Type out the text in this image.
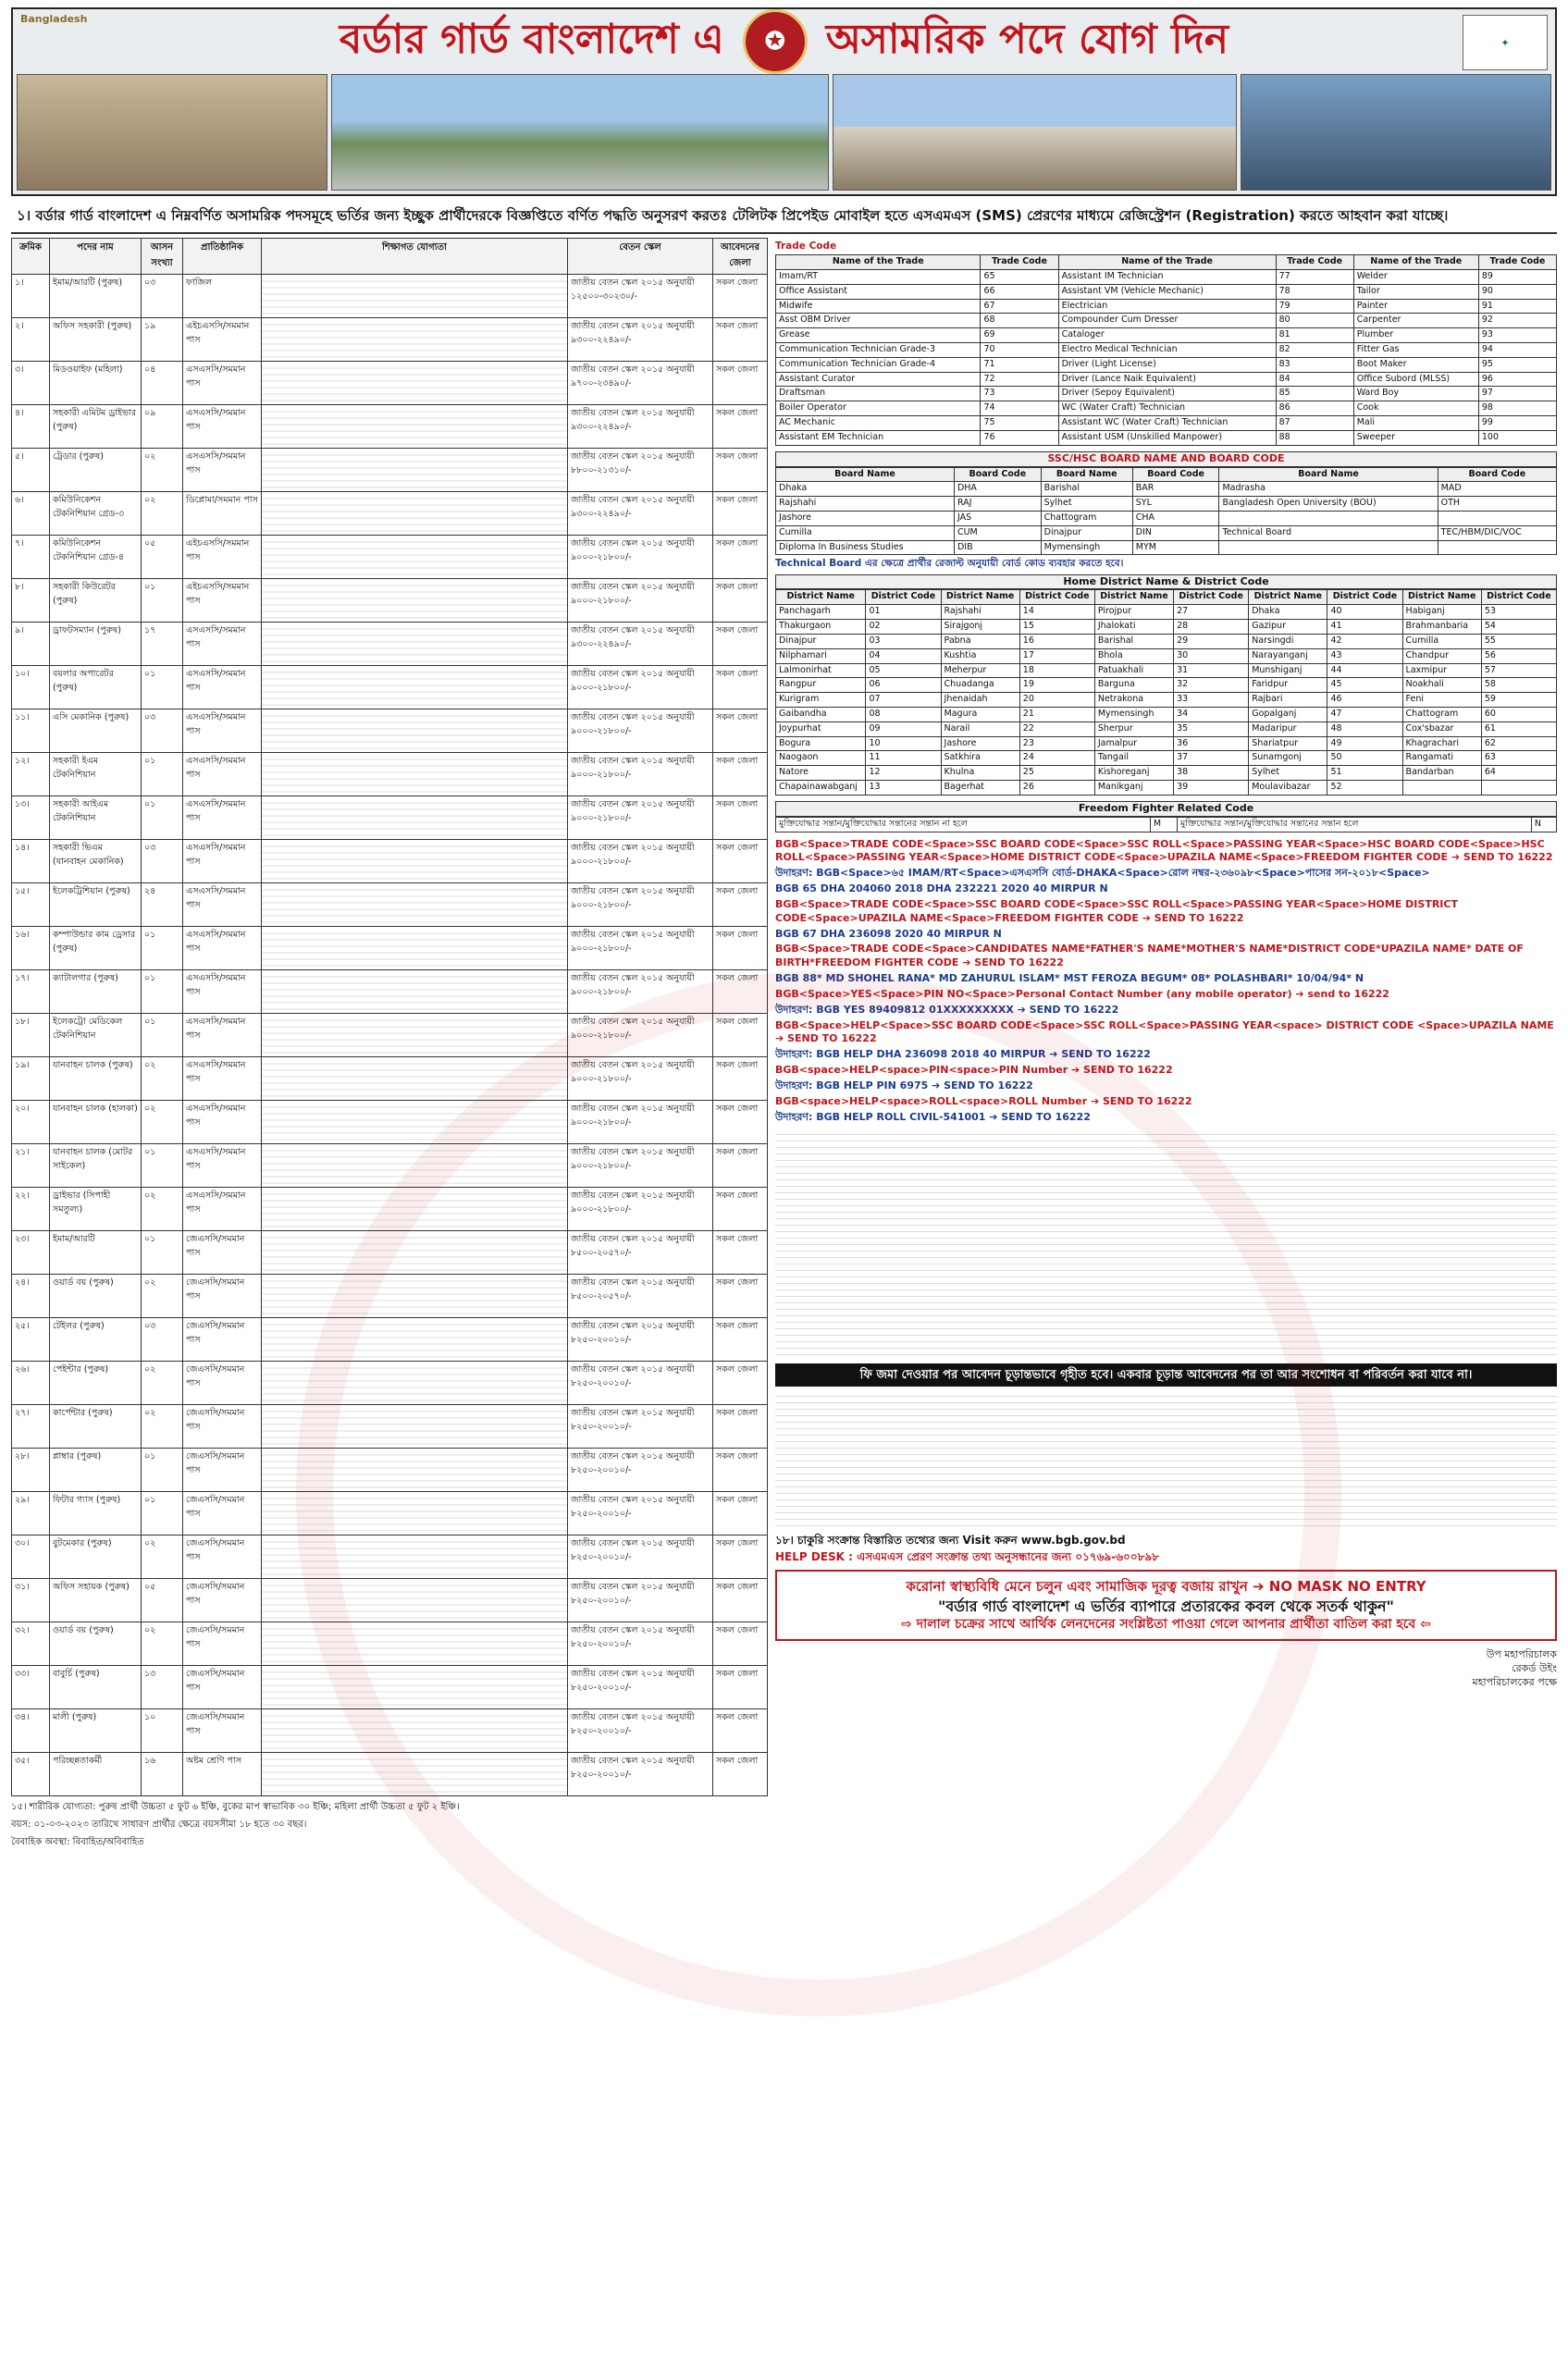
Bangladesh
✦
বর্ডার গার্ড বাংলাদেশ এ	✪	অসামরিক পদে যোগ দিন
১। বর্ডার গার্ড বাংলাদেশ এ নিম্নবর্ণিত অসামরিক পদসমূহে ভর্তির জন্য ইচ্ছুক প্রার্থীদেরকে বিজ্ঞপ্তিতে বর্ণিত পদ্ধতি অনুসরণ করতঃ টেলিটক প্রিপেইড মোবাইল হতে এসএমএস (SMS) প্রেরণের মাধ্যমে রেজিস্ট্রেশন (Registration) করতে আহবান করা যাচ্ছে।
ক্রমিক	পদের নাম	আসন সংখ্যা	প্রাতিষ্ঠানিক	শিক্ষাগত যোগ্যতা	বেতন স্কেল	আবেদনের জেলা
১।	ইমাম/আরটি (পুরুষ)	০৩	ফাজিল		জাতীয় বেতন স্কেল ২০১৫ অনুযায়ী ১২৫০০-৩০২৩০/-	সকল জেলা
২।	অফিস সহকারী (পুরুষ)	১৯	এইচএসসি/সমমান পাস		জাতীয় বেতন স্কেল ২০১৫ অনুযায়ী ৯৩০০-২২৪৯০/-	সকল জেলা
৩।	মিডওয়াইফ (মহিলা)	০৪	এসএসসি/সমমান পাস		জাতীয় বেতন স্কেল ২০১৫ অনুযায়ী ৯৭০০-২৩৪৯০/-	সকল জেলা
৪।	সহকারী এমিটম ড্রাইভার (পুরুষ)	০৯	এসএসসি/সমমান পাস		জাতীয় বেতন স্কেল ২০১৫ অনুযায়ী ৯৩০০-২২৪৯০/-	সকল জেলা
৫।	ট্রেডার (পুরুষ)	০২	এসএসসি/সমমান পাস		জাতীয় বেতন স্কেল ২০১৫ অনুযায়ী ৮৮০০-২১৩১০/-	সকল জেলা
৬।	কমিউনিকেশন টেকনিশিয়ান গ্রেড-৩	০২	ডিপ্লোমা/সমমান পাস		জাতীয় বেতন স্কেল ২০১৫ অনুযায়ী ৯৩০০-২২৪৯০/-	সকল জেলা
৭।	কমিউনিকেশন টেকনিশিয়ান গ্রেড-৪	০৫	এইচএসসি/সমমান পাস		জাতীয় বেতন স্কেল ২০১৫ অনুযায়ী ৯০০০-২১৮০০/-	সকল জেলা
৮।	সহকারী কিউরেটর (পুরুষ)	০১	এইচএসসি/সমমান পাস		জাতীয় বেতন স্কেল ২০১৫ অনুযায়ী ৯০০০-২১৮০০/-	সকল জেলা
৯।	ড্রাফটসম্যান (পুরুষ)	১৭	এসএসসি/সমমান পাস		জাতীয় বেতন স্কেল ২০১৫ অনুযায়ী ৯৩০০-২২৪৯০/-	সকল জেলা
১০।	বয়লার অপারেটর (পুরুষ)	০১	এসএসসি/সমমান পাস		জাতীয় বেতন স্কেল ২০১৫ অনুযায়ী ৯০০০-২১৮০০/-	সকল জেলা
১১।	এসি মেকানিক (পুরুষ)	০৩	এসএসসি/সমমান পাস		জাতীয় বেতন স্কেল ২০১৫ অনুযায়ী ৯০০০-২১৮০০/-	সকল জেলা
১২।	সহকারী ইএম টেকনিশিয়ান	০১	এসএসসি/সমমান পাস		জাতীয় বেতন স্কেল ২০১৫ অনুযায়ী ৯০০০-২১৮০০/-	সকল জেলা
১৩।	সহকারী আইএম টেকনিশিয়ান	০১	এসএসসি/সমমান পাস		জাতীয় বেতন স্কেল ২০১৫ অনুযায়ী ৯০০০-২১৮০০/-	সকল জেলা
১৪।	সহকারী ভিএম (যানবাহন মেকানিক)	০৩	এসএসসি/সমমান পাস		জাতীয় বেতন স্কেল ২০১৫ অনুযায়ী ৯০০০-২১৮০০/-	সকল জেলা
১৫।	ইলেকট্রিশিয়ান (পুরুষ)	২৪	এসএসসি/সমমান পাস		জাতীয় বেতন স্কেল ২০১৫ অনুযায়ী ৯০০০-২১৮০০/-	সকল জেলা
১৬।	কম্পাউন্ডার কাম ড্রেসার (পুরুষ)	০১	এসএসসি/সমমান পাস		জাতীয় বেতন স্কেল ২০১৫ অনুযায়ী ৯০০০-২১৮০০/-	সকল জেলা
১৭।	ক্যাটালগার (পুরুষ)	০১	এসএসসি/সমমান পাস		জাতীয় বেতন স্কেল ২০১৫ অনুযায়ী ৯০০০-২১৮০০/-	সকল জেলা
১৮।	ইলেকট্রো মেডিকেল টেকনিশিয়ান	০১	এসএসসি/সমমান পাস		জাতীয় বেতন স্কেল ২০১৫ অনুযায়ী ৯০০০-২১৮০০/-	সকল জেলা
১৯।	যানবাহন চালক (পুরুষ)	০২	এসএসসি/সমমান পাস		জাতীয় বেতন স্কেল ২০১৫ অনুযায়ী ৯০০০-২১৮০০/-	সকল জেলা
২০।	যানবাহন চালক (হালকা)	০২	এসএসসি/সমমান পাস		জাতীয় বেতন স্কেল ২০১৫ অনুযায়ী ৯০০০-২১৮০০/-	সকল জেলা
২১।	যানবাহন চালক (মোটর সাইকেল)	০১	এসএসসি/সমমান পাস		জাতীয় বেতন স্কেল ২০১৫ অনুযায়ী ৯০০০-২১৮০০/-	সকল জেলা
২২।	ড্রাইভার (সিপাহী সমতুল্য)	০২	এসএসসি/সমমান পাস		জাতীয় বেতন স্কেল ২০১৫ অনুযায়ী ৯০০০-২১৮০০/-	সকল জেলা
২৩।	ইমাম/আরটি	০১	জেএসসি/সমমান পাস		জাতীয় বেতন স্কেল ২০১৫ অনুযায়ী ৮৫০০-২০৫৭০/-	সকল জেলা
২৪।	ওয়ার্ড বয় (পুরুষ)	০২	জেএসসি/সমমান পাস		জাতীয় বেতন স্কেল ২০১৫ অনুযায়ী ৮৫০০-২০৫৭০/-	সকল জেলা
২৫।	টেইলর (পুরুষ)	০৩	জেএসসি/সমমান পাস		জাতীয় বেতন স্কেল ২০১৫ অনুযায়ী ৮২৫০-২০০১০/-	সকল জেলা
২৬।	পেইন্টার (পুরুষ)	০২	জেএসসি/সমমান পাস		জাতীয় বেতন স্কেল ২০১৫ অনুযায়ী ৮২৫০-২০০১০/-	সকল জেলা
২৭।	কার্পেন্টার (পুরুষ)	০২	জেএসসি/সমমান পাস		জাতীয় বেতন স্কেল ২০১৫ অনুযায়ী ৮২৫০-২০০১০/-	সকল জেলা
২৮।	প্লাম্বার (পুরুষ)	০১	জেএসসি/সমমান পাস		জাতীয় বেতন স্কেল ২০১৫ অনুযায়ী ৮২৫০-২০০১০/-	সকল জেলা
২৯।	ফিটার গ্যাস (পুরুষ)	০১	জেএসসি/সমমান পাস		জাতীয় বেতন স্কেল ২০১৫ অনুযায়ী ৮২৫০-২০০১০/-	সকল জেলা
৩০।	বুটমেকার (পুরুষ)	০২	জেএসসি/সমমান পাস		জাতীয় বেতন স্কেল ২০১৫ অনুযায়ী ৮২৫০-২০০১০/-	সকল জেলা
৩১।	অফিস সহায়ক (পুরুষ)	০৫	জেএসসি/সমমান পাস		জাতীয় বেতন স্কেল ২০১৫ অনুযায়ী ৮২৫০-২০০১০/-	সকল জেলা
৩২।	ওয়ার্ড বয় (পুরুষ)	০২	জেএসসি/সমমান পাস		জাতীয় বেতন স্কেল ২০১৫ অনুযায়ী ৮২৫০-২০০১০/-	সকল জেলা
৩৩।	বাবুর্চি (পুরুষ)	১৩	জেএসসি/সমমান পাস		জাতীয় বেতন স্কেল ২০১৫ অনুযায়ী ৮২৫০-২০০১০/-	সকল জেলা
৩৪।	মালী (পুরুষ)	১০	জেএসসি/সমমান পাস		জাতীয় বেতন স্কেল ২০১৫ অনুযায়ী ৮২৫০-২০০১০/-	সকল জেলা
৩৫।	পরিচ্ছন্নতাকর্মী	১৬	অষ্টম শ্রেণি পাস		জাতীয় বেতন স্কেল ২০১৫ অনুযায়ী ৮২৫০-২০০১০/-	সকল জেলা
১৫। শারীরিক যোগ্যতা: পুরুষ প্রার্থী উচ্চতা ৫ ফুট ৬ ইঞ্চি, বুকের মাপ স্বাভাবিক ৩০ ইঞ্চি; মহিলা প্রার্থী উচ্চতা ৫ ফুট ২ ইঞ্চি।
বয়স: ০১-০৩-২০২৩ তারিখে সাধারণ প্রার্থীর ক্ষেত্রে বয়সসীমা ১৮ হতে ৩০ বছর।
বৈবাহিক অবস্থা: বিবাহিত/অবিবাহিত
Trade Code
Name of the Trade	Trade Code	Name of the Trade	Trade Code	Name of the Trade	Trade Code
Imam/RT	65	Assistant IM Technician	77	Welder	89
Office Assistant	66	Assistant VM (Vehicle Mechanic)	78	Tailor	90
Midwife	67	Electrician	79	Painter	91
Asst OBM Driver	68	Compounder Cum Dresser	80	Carpenter	92
Grease	69	Cataloger	81	Plumber	93
Communication Technician Grade-3	70	Electro Medical Technician	82	Fitter Gas	94
Communication Technician Grade-4	71	Driver (Light License)	83	Boot Maker	95
Assistant Curator	72	Driver (Lance Naik Equivalent)	84	Office Subord (MLSS)	96
Draftsman	73	Driver (Sepoy Equivalent)	85	Ward Boy	97
Boiler Operator	74	WC (Water Craft) Technician	86	Cook	98
AC Mechanic	75	Assistant WC (Water Craft) Technician	87	Mali	99
Assistant EM Technician	76	Assistant USM (Unskilled Manpower)	88	Sweeper	100
SSC/HSC BOARD NAME AND BOARD CODE
Board Name	Board Code	Board Name	Board Code	Board Name	Board Code
Dhaka	DHA	Barishal	BAR	Madrasha	MAD
Rajshahi	RAJ	Sylhet	SYL	Bangladesh Open University (BOU)	OTH
Jashore	JAS	Chattogram	CHA		
Cumilla	CUM	Dinajpur	DIN	Technical Board	TEC/HBM/DIC/VOC
Diploma In Business Studies	DIB	Mymensingh	MYM		
Technical Board এর ক্ষেত্রে প্রার্থীর রেজাল্ট অনুযায়ী বোর্ড কোড ব্যবহার করতে হবে।
Home District Name & District Code
District Name	District Code	District Name	District Code	District Name	District Code	District Name	District Code	District Name	District Code
Panchagarh	01	Rajshahi	14	Pirojpur	27	Dhaka	40	Habiganj	53
Thakurgaon	02	Sirajgonj	15	Jhalokati	28	Gazipur	41	Brahmanbaria	54
Dinajpur	03	Pabna	16	Barishal	29	Narsingdi	42	Cumilla	55
Nilphamari	04	Kushtia	17	Bhola	30	Narayanganj	43	Chandpur	56
Lalmonirhat	05	Meherpur	18	Patuakhali	31	Munshiganj	44	Laxmipur	57
Rangpur	06	Chuadanga	19	Barguna	32	Faridpur	45	Noakhali	58
Kurigram	07	Jhenaidah	20	Netrakona	33	Rajbari	46	Feni	59
Gaibandha	08	Magura	21	Mymensingh	34	Gopalganj	47	Chattogram	60
Joypurhat	09	Narail	22	Sherpur	35	Madaripur	48	Cox'sbazar	61
Bogura	10	Jashore	23	Jamalpur	36	Shariatpur	49	Khagrachari	62
Naogaon	11	Satkhira	24	Tangail	37	Sunamgonj	50	Rangamati	63
Natore	12	Khulna	25	Kishoreganj	38	Sylhet	51	Bandarban	64
Chapainawabganj	13	Bagerhat	26	Manikganj	39	Moulavibazar	52		
Freedom Fighter Related Code
মুক্তিযোদ্ধার সন্তান/মুক্তিযোদ্ধার সন্তানের সন্তান না হলে	M	মুক্তিযোদ্ধার সন্তান/মুক্তিযোদ্ধার সন্তানের সন্তান হলে	N
BGB<Space>TRADE CODE<Space>SSC BOARD CODE<Space>SSC ROLL<Space>PASSING YEAR<Space>HSC BOARD CODE<Space>HSC ROLL<Space>PASSING YEAR<Space>HOME DISTRICT CODE<Space>UPAZILA NAME<Space>FREEDOM FIGHTER CODE ➔ SEND TO 16222
উদাহরণ: BGB<Space>৬৫ IMAM/RT<Space>এসএসসি বোর্ড-DHAKA<Space>রোল নম্বর-২৩৬০৯৮<Space>পাসের সন-২০১৮<Space>
BGB 65 DHA 204060 2018 DHA 232221 2020 40 MIRPUR N
BGB<Space>TRADE CODE<Space>SSC BOARD CODE<Space>SSC ROLL<Space>PASSING YEAR<Space>HOME DISTRICT CODE<Space>UPAZILA NAME<Space>FREEDOM FIGHTER CODE ➔ SEND TO 16222
BGB 67 DHA 236098 2020 40 MIRPUR N
BGB<Space>TRADE CODE<Space>CANDIDATES NAME*FATHER'S NAME*MOTHER'S NAME*DISTRICT CODE*UPAZILA NAME* DATE OF BIRTH*FREEDOM FIGHTER CODE ➔ SEND TO 16222
BGB 88* MD SHOHEL RANA* MD ZAHURUL ISLAM* MST FEROZA BEGUM* 08* POLASHBARI* 10/04/94* N
BGB<Space>YES<Space>PIN NO<Space>Personal Contact Number (any mobile operator) ➔ send to 16222
উদাহরণ: BGB YES 89409812 01XXXXXXXXX ➔ SEND TO 16222
BGB<Space>HELP<Space>SSC BOARD CODE<Space>SSC ROLL<Space>PASSING YEAR<space> DISTRICT CODE <Space>UPAZILA NAME ➔ SEND TO 16222
উদাহরণ: BGB HELP DHA 236098 2018 40 MIRPUR ➔ SEND TO 16222
BGB<space>HELP<space>PIN<space>PIN Number ➔ SEND TO 16222
উদাহরণ: BGB HELP PIN 6975 ➔ SEND TO 16222
BGB<space>HELP<space>ROLL<space>ROLL Number ➔ SEND TO 16222
উদাহরণ: BGB HELP ROLL CIVIL-541001 ➔ SEND TO 16222
ফি জমা দেওয়ার পর আবেদন চূড়ান্তভাবে গৃহীত হবে। একবার চূড়ান্ত আবেদনের পর তা আর সংশোধন বা পরিবর্তন করা যাবে না।
১৮। চাকুরি সংক্রান্ত বিস্তারিত তথ্যের জন্য Visit করুন www.bgb.gov.bd
HELP DESK : এসএমএস প্রেরণ সংক্রান্ত তথ্য অনুসন্ধানের জন্য ০১৭৬৯-৬০০৮৯৮
করোনা স্বাস্থ্যবিধি মেনে চলুন এবং সামাজিক দূরত্ব বজায় রাখুন ➔ NO MASK NO ENTRY
"বর্ডার গার্ড বাংলাদেশ এ ভর্তির ব্যাপারে প্রতারকের কবল থেকে সতর্ক থাকুন"
⇨ দালাল চক্রের সাথে আর্থিক লেনদেনের সংশ্লিষ্টতা পাওয়া গেলে আপনার প্রার্থীতা বাতিল করা হবে ⇦
উপ মহাপরিচালক
রেকর্ড উইং
মহাপরিচালকের পক্ষে
